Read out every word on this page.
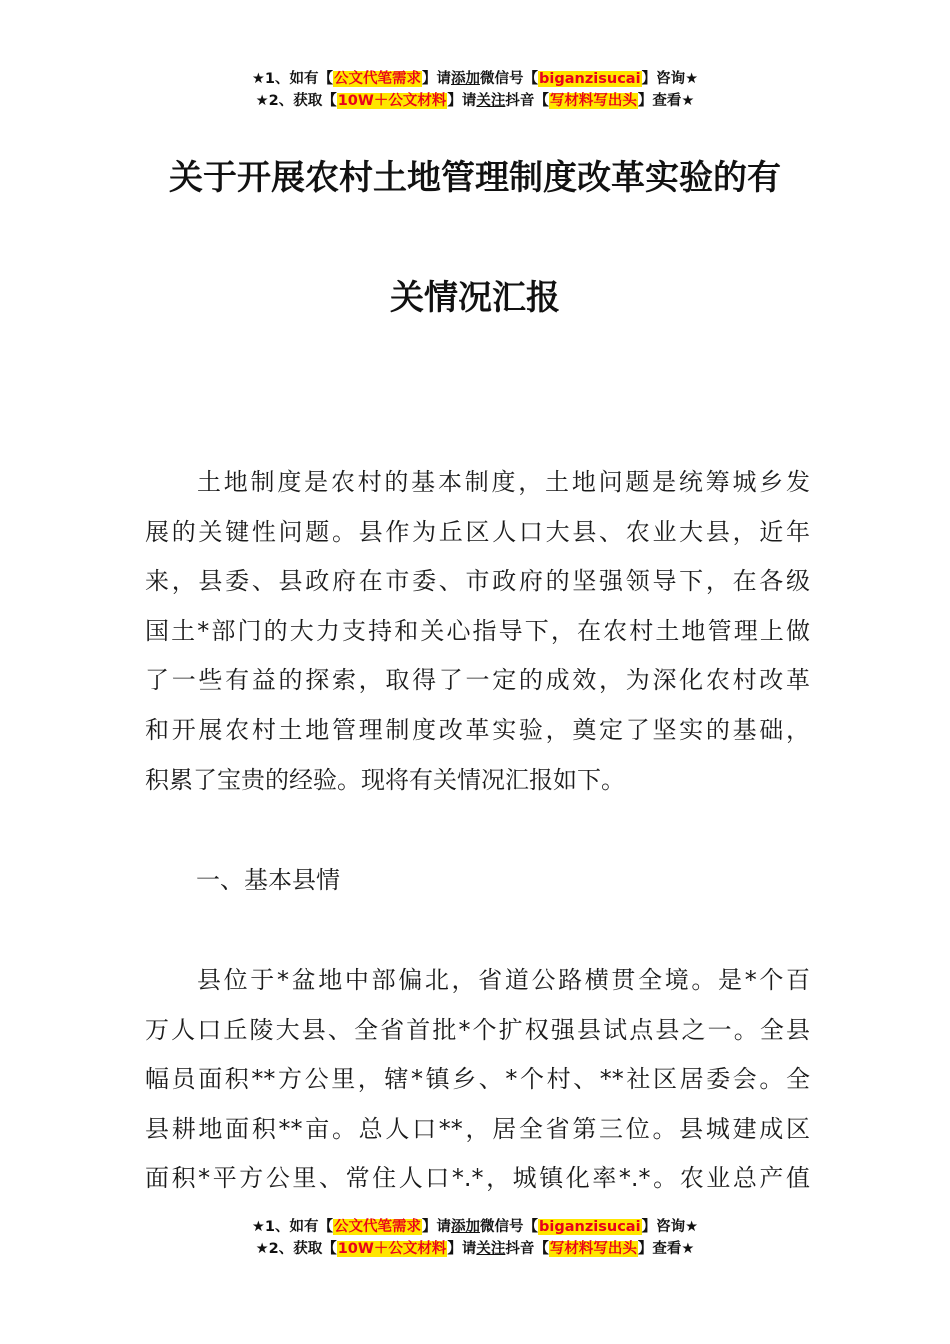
★1、如有【公文代笔需求】请添加微信号【biganzisucai】咨询★
★2、获取【10W＋公文材料】请关注抖音【写材料写出头】查看★
关于开展农村土地管理制度改革实验的有
关情况汇报
土地制度是农村的基本制度，土地问题是统筹城乡发
展的关键性问题。县作为丘区人口大县、农业大县，近年
来，县委、县政府在市委、市政府的坚强领导下，在各级
国土*部门的大力支持和关心指导下，在农村土地管理上做
了一些有益的探索，取得了一定的成效，为深化农村改革
和开展农村土地管理制度改革实验，奠定了坚实的基础，
积累了宝贵的经验。现将有关情况汇报如下。
一、基本县情
县位于*盆地中部偏北，省道公路横贯全境。是*个百
万人口丘陵大县、全省首批*个扩权强县试点县之一。全县
幅员面积**方公里，辖*镇乡、*个村、**社区居委会。全
县耕地面积**亩。总人口**，居全省第三位。县城建成区
面积*平方公里、常住人口*.*，城镇化率*.*。农业总产值
★1、如有【公文代笔需求】请添加微信号【biganzisucai】咨询★
★2、获取【10W＋公文材料】请关注抖音【写材料写出头】查看★
